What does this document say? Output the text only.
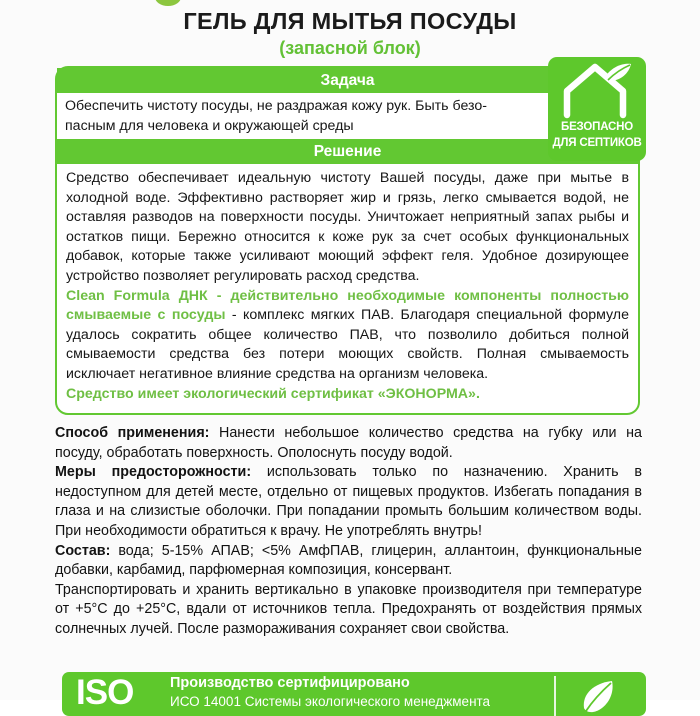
ГЕЛЬ ДЛЯ МЫТЬЯ ПОСУДЫ
(запасной блок)
Задача

Обеспечить чистоту посуды, не раздражая кожу рук. Быть безо-

пасным для человека и окружающей среды

Решение

Средство обеспечивает идеальную чистоту Вашей посуды, даже при мытье в холодной воде. Эффективно растворяет жир и грязь, легко смывается водой, не оставляя разводов на поверхности посуды. Уничтожает неприятный запах рыбы и остатков пищи. Бережно относится к коже рук за счет особых функциональных добавок, которые также усиливают моющий эффект геля. Удобное дозирующее устройство позволяет регулировать расход средства.

Clean Formula ДНК - действительно необходимые компоненты полностью смываемые с посуды - комплекс мягких ПАВ. Благодаря специальной формуле удалось сократить общее количество ПАВ, что позволило добиться полной смываемости средства без потери моющих свойств. Полная смываемость исключает негативное влияние средства на организм человека.

Средство имеет экологический сертификат «ЭКОНОРМА».

БЕЗОПАСНО
ДЛЯ СЕПТИКОВ

Способ применения: Нанести небольшое количество средства на губку или на посуду, обработать поверхность. Ополоснуть посуду водой.

Меры предосторожности: использовать только по назначению. Хранить в недоступном для детей месте, отдельно от пищевых продуктов. Избегать попадания в глаза и на слизистые оболочки. При попадании промыть большим количеством воды. При необходимости обратиться к врачу. Не употреблять внутрь!

Состав: вода; 5-15% АПАВ; <5% АмфПАВ, глицерин, аллантоин, функциональные добавки, карбамид, парфюмерная композиция, консервант.

Транспортировать и хранить вертикально в упаковке производителя при температуре от +5°C до +25°C, вдали от источников тепла. Предохранять от воздействия прямых солнечных лучей. После размораживания сохраняет свои свойства.

ISO	Производство сертифицировано
ИСО 14001 Системы экологического менеджмента
